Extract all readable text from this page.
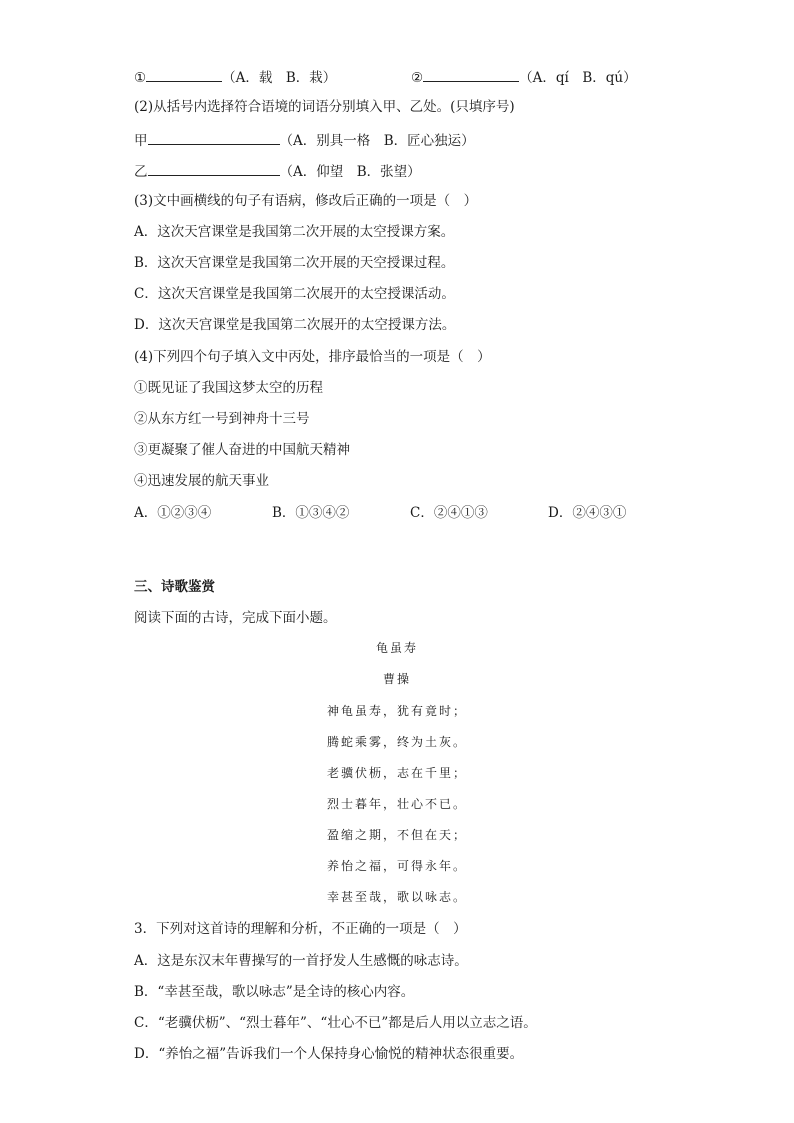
①	（A．载　B．栽）	②	（A．qí　B．qú）
(2)从括号内选择符合语境的词语分别填入甲、乙处。(只填序号)
甲	（A．别具一格　B．匠心独运）
乙	（A．仰望　B．张望）
(3)文中画横线的句子有语病，修改后正确的一项是（　）
A．这次天宫课堂是我国第二次开展的太空授课方案。
B．这次天宫课堂是我国第二次开展的天空授课过程。
C．这次天宫课堂是我国第二次展开的太空授课活动。
D．这次天宫课堂是我国第二次展开的太空授课方法。
(4)下列四个句子填入文中丙处，排序最恰当的一项是（　）
①既见证了我国这梦太空的历程
②从东方红一号到神舟十三号
③更凝聚了催人奋进的中国航天精神
④迅速发展的航天事业
A．①②③④	B．①③④②	C．②④①③	D．②④③①
三、诗歌鉴赏
阅读下面的古诗，完成下面小题。
龟虽寿
曹操
神龟虽寿，犹有竟时；
腾蛇乘雾，终为土灰。
老骥伏枥，志在千里；
烈士暮年，壮心不已。
盈缩之期，不但在天；
养怡之福，可得永年。
幸甚至哉，歌以咏志。
3．下列对这首诗的理解和分析，不正确的一项是（　）
A．这是东汉末年曹操写的一首抒发人生感慨的咏志诗。
B．“幸甚至哉，歌以咏志”是全诗的核心内容。
C．“老骥伏枥”、“烈士暮年”、“壮心不已”都是后人用以立志之语。
D．“养怡之福”告诉我们一个人保持身心愉悦的精神状态很重要。
